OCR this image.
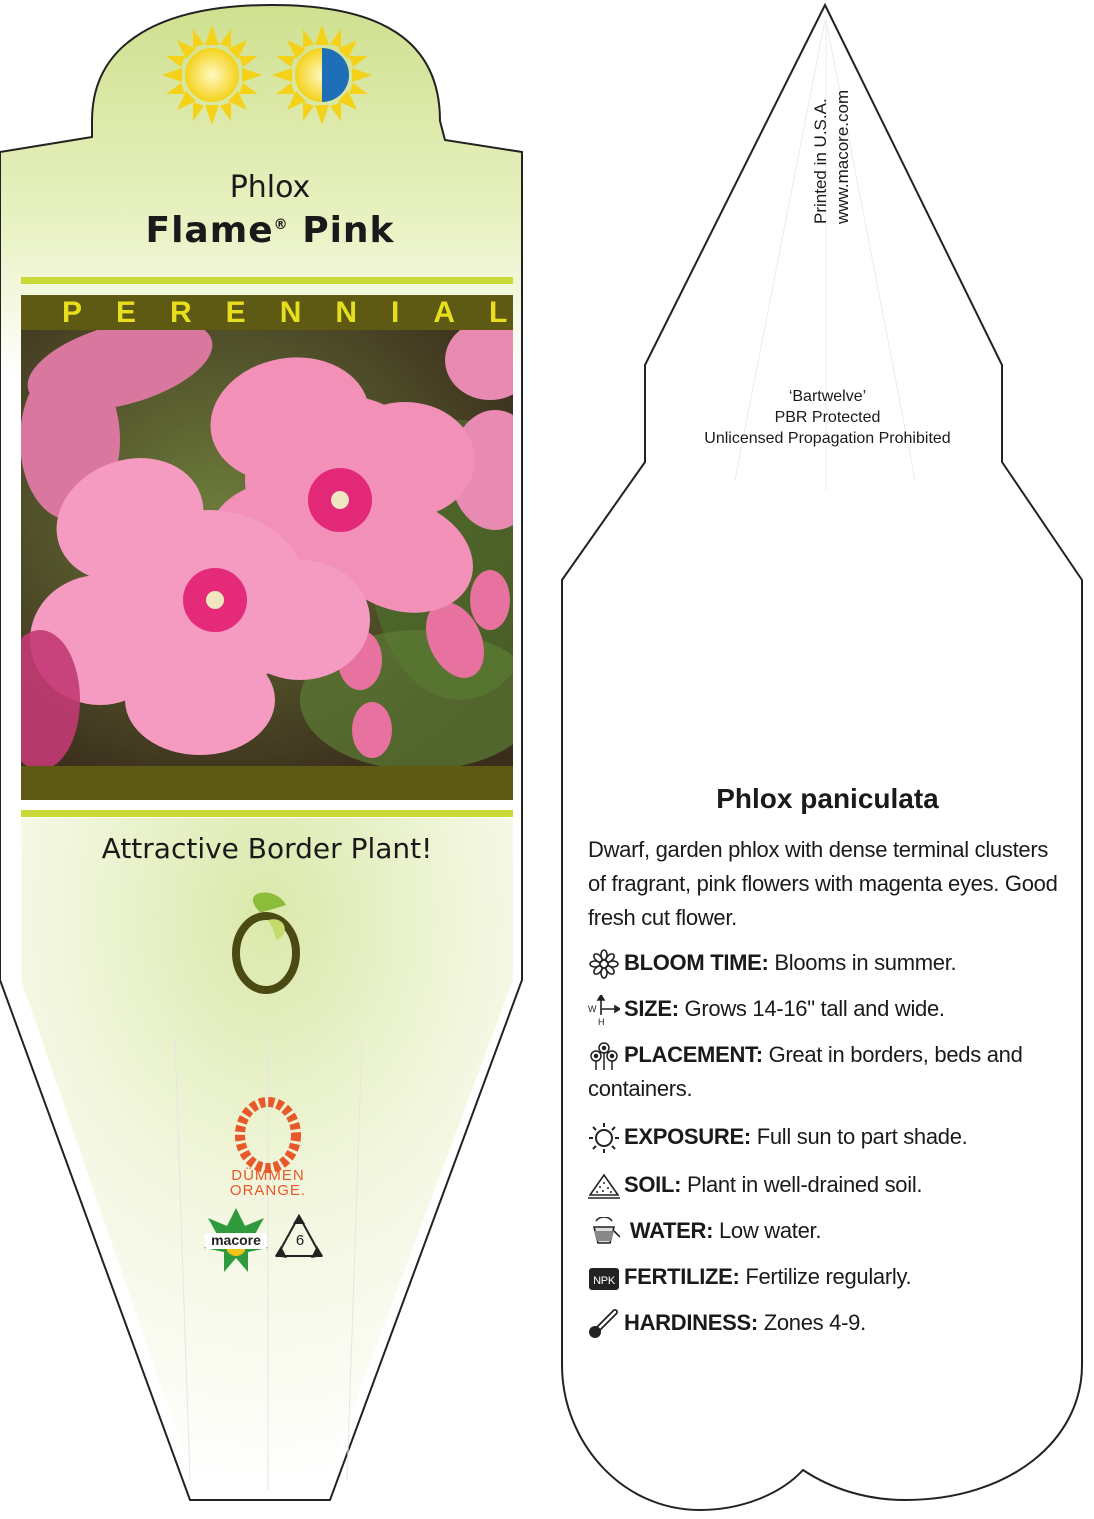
Phlox
Flame® Pink
PERENNIAL
Attractive Border Plant!
DÜMMEN
ORANGE.
macore	6
Printed in U.S.A. www.macore.com
‘Bartwelve’
PBR Protected
Unlicensed Propagation Prohibited
Phlox paniculata
Dwarf, garden phlox with dense terminal clusters of fragrant, pink flowers with magenta eyes. Good fresh cut flower.
BLOOM TIME: Blooms in summer.
W
H
SIZE: Grows 14-16" tall and wide.
PLACEMENT: Great in borders, beds and containers.
EXPOSURE: Full sun to part shade.
SOIL: Plant in well-drained soil.
WATER: Low water.
NPK FERTILIZE: Fertilize regularly.
HARDINESS: Zones 4-9.
